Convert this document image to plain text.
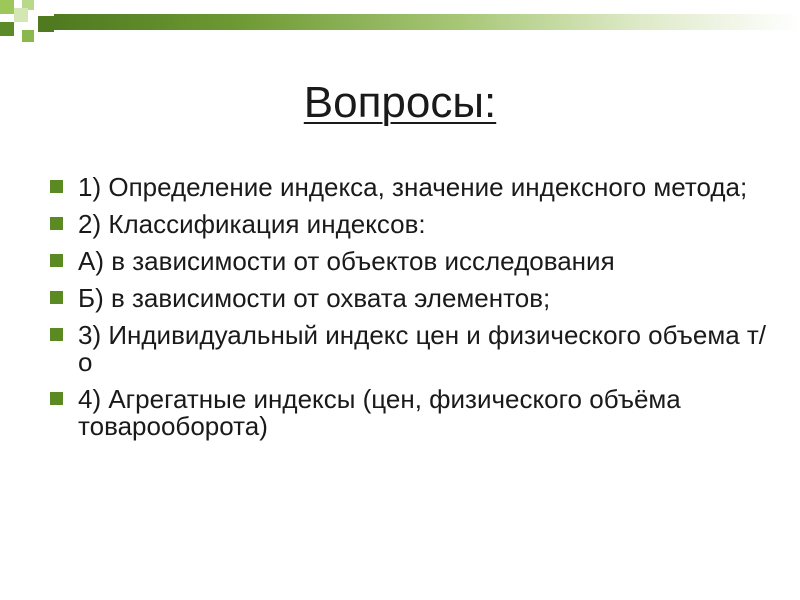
Вопросы:
1) Определение индекса, значение индексного метода;
2) Классификация индексов:
А) в зависимости от объектов исследования
Б) в зависимости от охвата элементов;
3) Индивидуальный индекс цен и физического объема т/о
4) Агрегатные индексы (цен, физического объёма товарооборота)
